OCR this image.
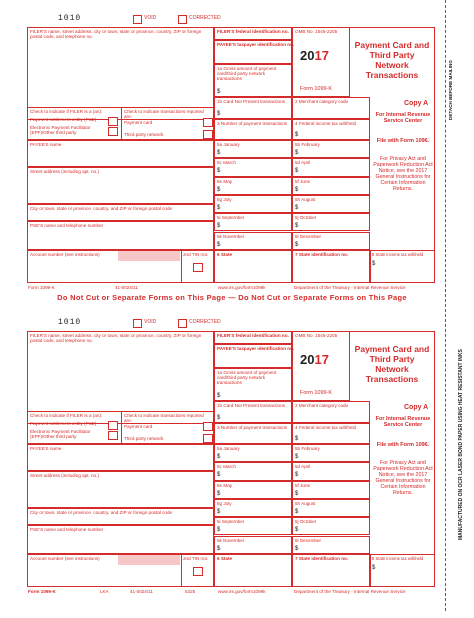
MANUFACTURED ON OCR LASER BOND PAPER USING HEAT RESISTANT INKS
DETACH BEFORE MAILING
1010	VOID	CORRECTED
FILER'S name, street address, city or town, state or province, country, ZIP or foreign postal code, and telephone no.
Check to indicate if FILER is a (an):
Payment settlement entity (PSE)
Electronic Payment Facilitator (EPF)/Other third party
Check to indicate transactions reported are:
Payment card
Third party network
FILER'S federal identification no.
PAYEE'S taxpayer identification no.
1a Gross amount of payment card/third party network transactions
$
OMB No. 1545-2205
2017
Form 1099-K
Payment Card and Third Party Network Transactions
1b Card Not Present transactions
$
2 Merchant category code
3 Number of payment transactions	4 Federal income tax withheld
$
Copy A
For Internal Revenue Service Center
File with Form 1096.
For Privacy Act and Paperwork Reduction Act Notice, see the 2017 General Instructions for Certain Information Returns.
PAYEE'S name
Street address (including apt. no.)
City or town, state or province, country, and ZIP or foreign postal code
PSE'S name and telephone number
Account number (see instructions)	2nd TIN not.
5a January
$
5b February
$
5c March
$
5d April
$
5e May
$
5f June
$
5g July
$
5h August
$
5i September
$
5j October
$
5k November
$
5l December
$
6 State	7 State identification no.	8 State income tax withheld
$
Form 1099-K	41-0024/11	www.irs.gov/form1099k	Department of the Treasury - Internal Revenue Service
Do Not Cut or Separate Forms on This Page — Do Not Cut or Separate Forms on This Page
1010	VOID	CORRECTED
FILER'S name, street address, city or town, state or province, country, ZIP or foreign postal code, and telephone no.
Check to indicate if FILER is a (an):
Payment settlement entity (PSE)
Electronic Payment Facilitator (EPF)/Other third party
Check to indicate transactions reported are:
Payment card
Third party network
FILER'S federal identification no.
PAYEE'S taxpayer identification no.
1a Gross amount of payment card/third party network transactions
$
OMB No. 1545-2205
2017
Form 1099-K
Payment Card and Third Party Network Transactions
1b Card Not Present transactions
$
2 Merchant category code
3 Number of payment transactions	4 Federal income tax withheld
$
Copy A
For Internal Revenue Service Center
File with Form 1096.
For Privacy Act and Paperwork Reduction Act Notice, see the 2017 General Instructions for Certain Information Returns.
PAYEE'S name
Street address (including apt. no.)
City or town, state or province, country, and ZIP or foreign postal code
PSE'S name and telephone number
Account number (see instructions)	2nd TIN not.
5a January
$
5b February
$
5c March
$
5d April
$
5e May
$
5f June
$
5g July
$
5h August
$
5i September
$
5j October
$
5k November
$
5l December
$
6 State	7 State identification no.	8 State income tax withheld
$
Form 1099-K	LKA	41-0024/11	5325	www.irs.gov/form1099k	Department of the Treasury - Internal Revenue Service
